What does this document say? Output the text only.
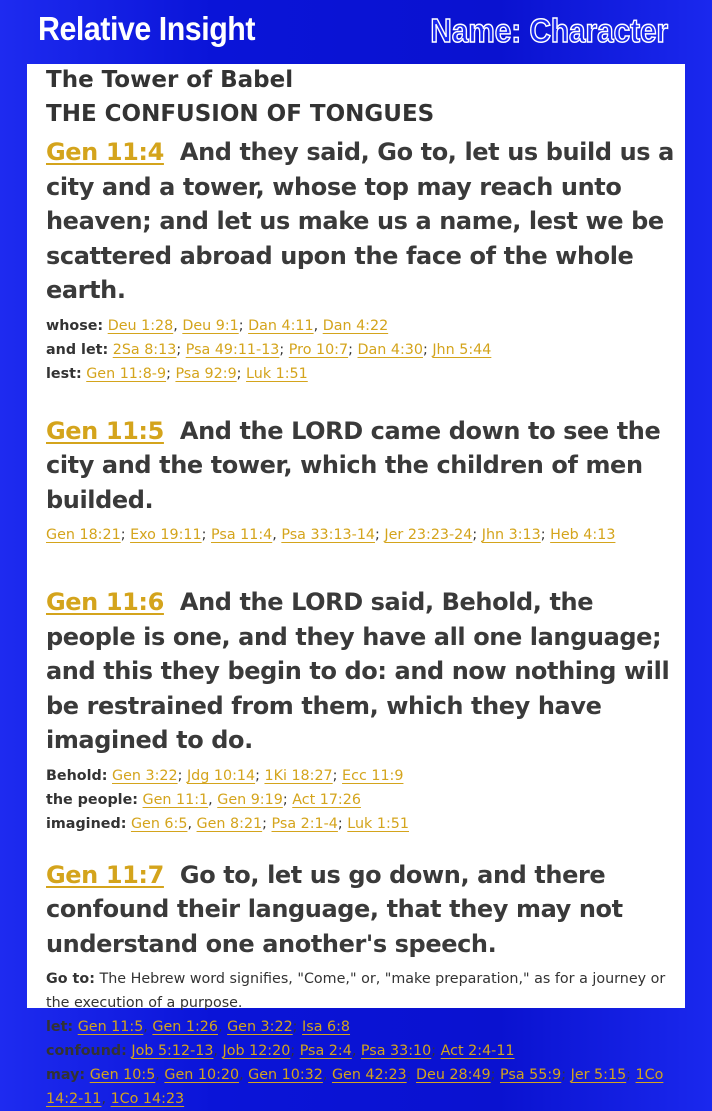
Relative Insight	Name: Character
The Tower of Babel
THE CONFUSION OF TONGUES

Gen 11:4 And they said, Go to, let us build us a city and a tower, whose top may reach unto heaven; and let us make us a name, lest we be scattered abroad upon the face of the whole earth.

whose: Deu 1:28, Deu 9:1; Dan 4:11, Dan 4:22
and let: 2Sa 8:13; Psa 49:11-13; Pro 10:7; Dan 4:30; Jhn 5:44
lest: Gen 11:8-9; Psa 92:9; Luk 1:51

Gen 11:5 And the LORD came down to see the city and the tower, which the children of men builded.

Gen 18:21; Exo 19:11; Psa 11:4, Psa 33:13-14; Jer 23:23-24; Jhn 3:13; Heb 4:13

Gen 11:6 And the LORD said, Behold, the people is one, and they have all one language; and this they begin to do: and now nothing will be restrained from them, which they have imagined to do.

Behold: Gen 3:22; Jdg 10:14; 1Ki 18:27; Ecc 11:9
the people: Gen 11:1, Gen 9:19; Act 17:26
imagined: Gen 6:5, Gen 8:21; Psa 2:1-4; Luk 1:51

Gen 11:7 Go to, let us go down, and there confound their language, that they may not understand one another's speech.

Go to: The Hebrew word signifies, "Come," or, "make preparation," as for a journey or the execution of a purpose.
let: Gen 11:5, Gen 1:26, Gen 3:22; Isa 6:8
confound: Job 5:12-13, Job 12:20; Psa 2:4, Psa 33:10; Act 2:4-11
may: Gen 10:5, Gen 10:20, Gen 10:32, Gen 42:23; Deu 28:49; Psa 55:9; Jer 5:15; 1Co 14:2-11, 1Co 14:23
